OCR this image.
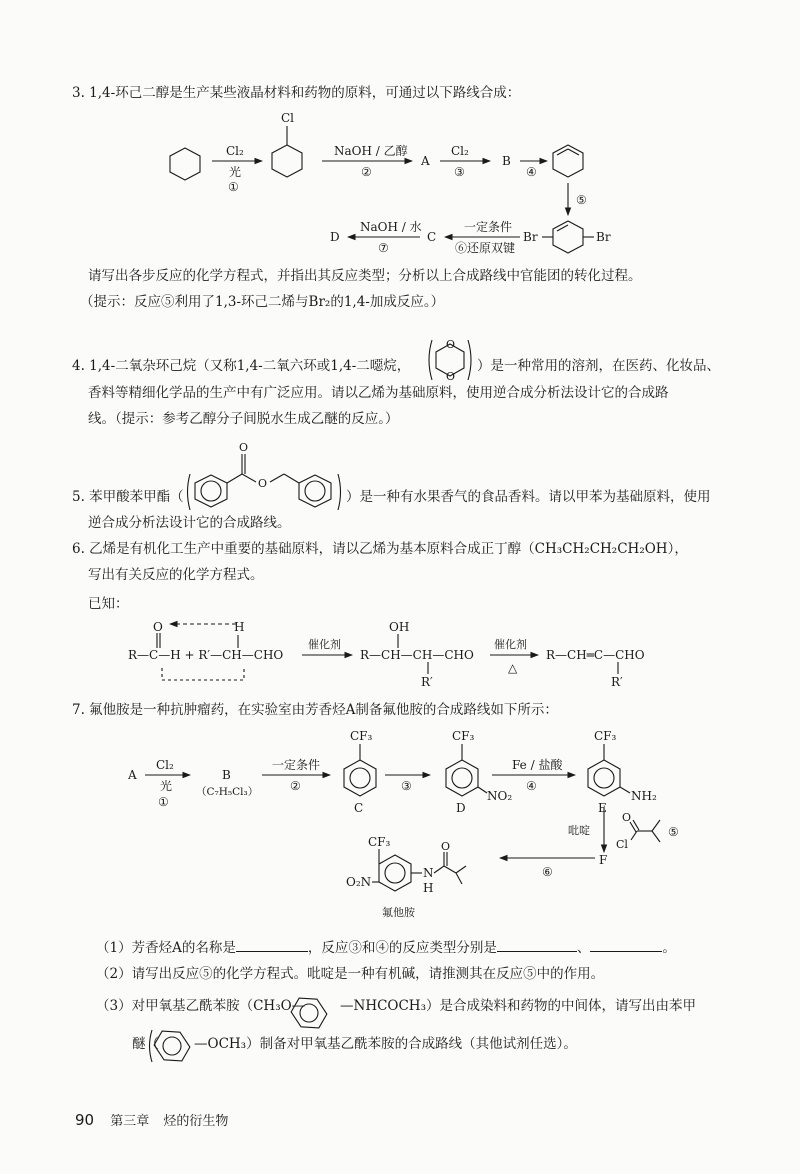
3. 1,4-环己二醇是生产某些液晶材料和药物的原料，可通过以下路线合成：
请写出各步反应的化学方程式，并指出其反应类型；分析以上合成路线中官能团的转化过程。
（提示：反应⑤利用了1,3-环己二烯与Br₂的1,4-加成反应。）
4. 1,4-二氧杂环己烷（又称1,4-二氧六环或1,4-二噁烷，	）是一种常用的溶剂，在医药、化妆品、
香料等精细化学品的生产中有广泛应用。请以乙烯为基础原料，使用逆合成分析法设计它的合成路
线。（提示：参考乙醇分子间脱水生成乙醚的反应。）
5. 苯甲酸苯甲酯（	）是一种有水果香气的食品香料。请以甲苯为基础原料，使用
逆合成分析法设计它的合成路线。
6. 乙烯是有机化工生产中重要的基础原料，请以乙烯为基本原料合成正丁醇（CH₃CH₂CH₂CH₂OH），
写出有关反应的化学方程式。
已知：
7. 氟他胺是一种抗肿瘤药，在实验室由芳香烃A制备氟他胺的合成路线如下所示：
（1）芳香烃A的名称是	，反应③和④的反应类型分别是	、	。
（2）请写出反应⑤的化学方程式。吡啶是一种有机碱，请推测其在反应⑤中的作用。
（3）对甲氧基乙酰苯胺（CH₃O—	—NHCOCH₃）是合成染料和药物的中间体，请写出由苯甲
醚（	—OCH₃）制备对甲氧基乙酰苯胺的合成路线（其他试剂任选）。
90 第三章 烃的衍生物
Cl
Cl₂
光
①
NaOH / 乙醇
②
A
Cl₂
③
B
④
⑤
Br	Br
一定条件
⑥还原双键
C
NaOH / 水
⑦
D
O
O
O
O
O	H
R—C—H + R′—CH—CHO
催化剂
OH
R—CH—CH—CHO
R′
催化剂
△
R—CH═C—CHO
R′
A
Cl₂
光
①
B
（C₇H₅Cl₃）
一定条件
②
CF₃
C
③
CF₃
NO₂
D
Fe / 盐酸
④
CF₃
NH₂
E
吡啶
O
Cl
⑤
F
⑥
CF₃
O₂N
N
H
O
氟他胺
